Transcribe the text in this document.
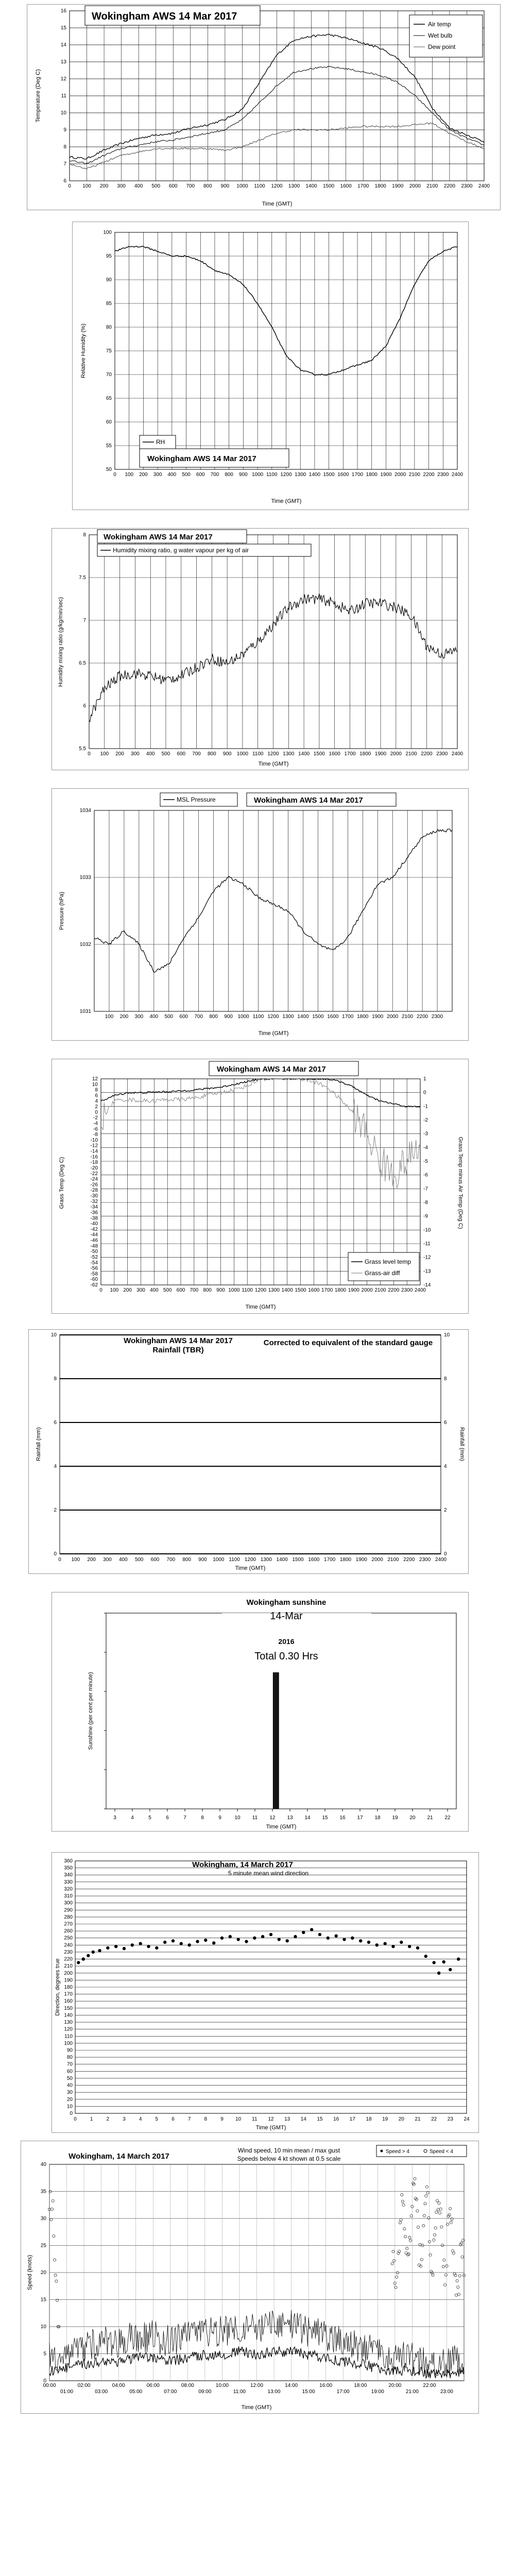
0 100 200 300 400 500 600 700 800 900 1000 1100 1200 1300 1400 1500 1600 1700 1800 1900 2000 2100 2200 2300 2400
6
7
8
9
10
11
12
13
14
15
16 Wokingham AWS 14 Mar 2017
Air temp
Wet bulb
Dew point
Time (GMT)
Temperature (Deg C)
0 100 200 300 400 500 600 700 800 900 1000 1100 1200 1300 1400 1500 1600 1700 1800 1900 2000 2100 2200 2300 2400
50
55
60
65
70
75
80
85
90
95
100
RH
Wokingham AWS 14 Mar 2017
Time (GMT)
Relative Humidity (%)
0 100 200 300 400 500 600 700 800 900 1000 1100 1200 1300 1400 1500 1600 1700 1800 1900 2000 2100 2200 2300 2400
5.5
6
6.5
7
7.5
8 Wokingham AWS 14 Mar 2017
Humidity mixing ratio, g water vapour per kg of air
Time (GMT)
Humidity mixing ratio (g/kg/min/sec)
100 200 300 400 500 600 700 800 900 1000 1100 1200 1300 1400 1500 1600 1700 1800 1900 2000 2100 2200 2300
1031
1032
1033
1034
MSL Pressure	Wokingham AWS 14 Mar 2017
Time (GMT)
Pressure (hPa)
0 100 200 300 400 500 600 700 800 900 1000 1100 1200 1300 1400 1500 1600 1700 1800 1900 2000 2100 2200 2300 2400
12
10
8
6
4
2
0
-2
-4
-6
-8
-10
-12
-14
-16
-18
-20
-22
-24
-26
-28
-30
-32
-34
-36
-38
-40
-42
-44
-46
-48
-50
-52
-54
-56
-58
-60
-62
1
0
-1
-2
-3
-4
-5
-6
-7
-8
-9
-10
-11
-12
-13
-14
Wokingham AWS 14 Mar 2017
Grass level temp
Grass-air diff
Time (GMT)
Grass Temp (Deg C)	Grass Temp minus Air Temp (Deg C)
0 100 200 300 400 500 600 700 800 900 1000 1100 1200 1300 1400 1500 1600 1700 1800 1900 2000 2100 2200 2300 2400
0	0
2	2
4	4
6	6
8	8
10	10
Wokingham AWS 14 Mar 2017
Rainfall (TBR)
Corrected to equivalent of the standard gauge
Time (GMT)
Rainfall (mm)	Rainfall (mm)
3	4	5	6	7	8	9	10 11 12 13 14 15 16 17 18 19 20 21 22
Wokingham sunshine
14-Mar
2016
Total 0.30 Hrs
Time (GMT)
Sunshine (per cent per minute)
0	1	2	3	4	5	6	7	8	9 10 11 12 13 14 15 16 17 18 19 20 21 22 23 24
0
10
20
30
40
50
60
70
80
90
100
110
120
130
140
150
160
170
180
190
200
210
220
230
240
250
260
270
280
290
300
310
320
330
340
350
360	Wokingham, 14 March 2017
5 minute mean wind direction
Time (GMT)
Direction, degrees true
0
5
10
15
20
25
30
35
40
00:00	02:00	04:00	06:00	08:00	10:00	12:00	14:00	16:00	18:00	20:00	22:00
01:00	03:00	05:00	07:00	09:00	11:00	13:00	15:00	17:00	19:00	21:00	23:00
Wokingham, 14 March 2017
Wind speed, 10 min mean / max gust
Speeds below 4 kt shown at 0.5 scale
Speed > 4	Speed < 4
Time (GMT)
Speed (knots)
